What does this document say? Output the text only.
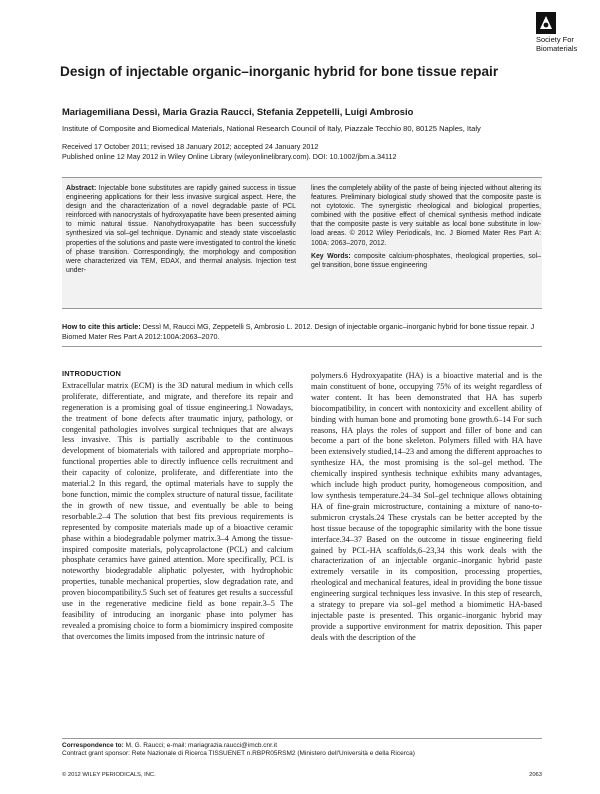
Society For Biomaterials
Design of injectable organic–inorganic hybrid for bone tissue repair
Mariagemiliana Dessì, Maria Grazia Raucci, Stefania Zeppetelli, Luigi Ambrosio
Institute of Composite and Biomedical Materials, National Research Council of Italy, Piazzale Tecchio 80, 80125 Naples, Italy
Received 17 October 2011; revised 18 January 2012; accepted 24 January 2012
Published online 12 May 2012 in Wiley Online Library (wileyonlinelibrary.com). DOI: 10.1002/jbm.a.34112
Abstract: Injectable bone substitutes are rapidly gained success in tissue engineering applications for their less invasive surgical aspect. Here, the design and the characterization of a novel degradable paste of PCL reinforced with nanocrystals of hydroxyapatite have been presented aiming to mimic natural tissue. Nanohydroxyapatite has been successfully synthesized via sol–gel technique. Dynamic and steady state viscoelastic properties of the solutions and paste were investigated to control the kinetic of phase transition. Correspondingly, the morphology and composition were characterized via TEM, EDAX, and thermal analysis. Injection test under-
lines the completely ability of the paste of being injected without altering its features. Preliminary biological study showed that the composite paste is not cytotoxic. The synergistic rheological and biological properties, combined with the positive effect of chemical synthesis method indicate that the composite paste is very suitable as local bone substitute in low-load areas. © 2012 Wiley Periodicals, Inc. J Biomed Mater Res Part A: 100A: 2063–2070, 2012.
Key Words: composite calcium-phosphates, rheological properties, sol–gel transition, bone tissue engineering
How to cite this article: Dessì M, Raucci MG, Zeppetelli S, Ambrosio L. 2012. Design of injectable organic–inorganic hybrid for bone tissue repair. J Biomed Mater Res Part A 2012:100A:2063–2070.
INTRODUCTION

Extracellular matrix (ECM) is the 3D natural medium in which cells proliferate, differentiate, and migrate, and therefore its repair and regeneration is a promising goal of tissue engineering.1 Nowadays, the treatment of bone defects after traumatic injury, pathology, or congenital pathologies involves surgical techniques that are always less invasive. This is partially ascribable to the continuous development of biomaterials with tailored and appropriate morpho–functional properties able to directly influence cells recruitment and their capacity of colonize, proliferate, and differentiate into the material.2 In this regard, the optimal materials have to supply the bone function, mimic the complex structure of natural tissue, facilitate the in growth of new tissue, and eventually be able to being resorbable.2–4 The solution that best fits previous requirements is represented by composite materials made up of a bioactive ceramic phase within a biodegradable polymer matrix.3–4 Among the tissue-inspired composite materials, polycaprolactone (PCL) and calcium phosphate ceramics have gained attention. More specifically, PCL is noteworthy biodegradable aliphatic polyester, with hydrophobic properties, tunable mechanical properties, slow degradation rate, and proven biocompatibility.5 Such set of features get results a successful use in the regenerative medicine field as bone repair.3–5 The feasibility of introducing an inorganic phase into polymer has revealed a promising choice to form a biomimicry inspired composite that overcomes the limits imposed from the intrinsic nature of

polymers.6 Hydroxyapatite (HA) is a bioactive material and is the main constituent of bone, occupying 75% of its weight regardless of water content. It has been demonstrated that HA has superb biocompatibility, in concert with nontoxicity and excellent ability of binding with human bone and promoting bone growth.6–14 For such reasons, HA plays the roles of support and filler of bone and can become a part of the bone skeleton. Polymers filled with HA have been extensively studied,14–23 and among the different approaches to synthesize HA, the most promising is the sol–gel method. The chemically inspired synthesis technique exhibits many advantages, which include high product purity, homogeneous composition, and low synthesis temperature.24–34 Sol–gel technique allows obtaining HA of fine-grain microstructure, containing a mixture of nano-to-submicron crystals.24 These crystals can be better accepted by the host tissue because of the topographic similarity with the bone tissue interface.34–37 Based on the outcome in tissue engineering field gained by PCL-HA scaffolds,6–23,34 this work deals with the characterization of an injectable organic–inorganic hybrid paste extremely versatile in its composition, processing properties, rheological and mechanical features, ideal in providing the bone tissue engineering surgical techniques less invasive. In this step of research, a strategy to prepare via sol–gel method a biomimetic HA-based injectable paste is presented. This organic–inorganic hybrid may provide a supportive environment for matrix deposition. This paper deals with the description of the

Correspondence to: M. G. Raucci; e-mail: mariagrazia.raucci@imcb.cnr.it
Contract grant sponsor: Rete Nazionale di Ricerca TISSUENET n.RBPR05RSM2 (Ministero dell'Università e della Ricerca)
© 2012 WILEY PERIODICALS, INC.	2063
